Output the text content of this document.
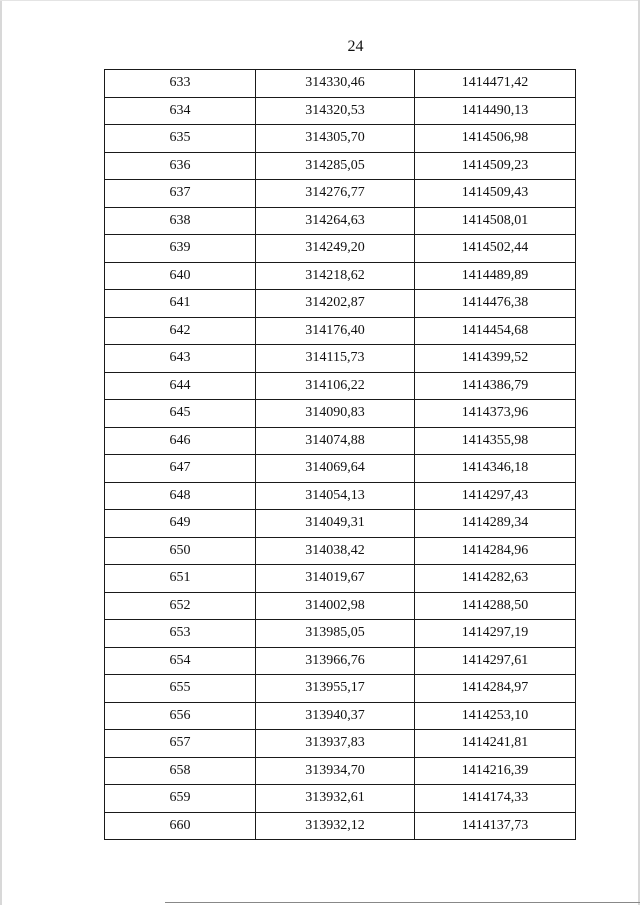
24
633	314330,46	1414471,42
634	314320,53	1414490,13
635	314305,70	1414506,98
636	314285,05	1414509,23
637	314276,77	1414509,43
638	314264,63	1414508,01
639	314249,20	1414502,44
640	314218,62	1414489,89
641	314202,87	1414476,38
642	314176,40	1414454,68
643	314115,73	1414399,52
644	314106,22	1414386,79
645	314090,83	1414373,96
646	314074,88	1414355,98
647	314069,64	1414346,18
648	314054,13	1414297,43
649	314049,31	1414289,34
650	314038,42	1414284,96
651	314019,67	1414282,63
652	314002,98	1414288,50
653	313985,05	1414297,19
654	313966,76	1414297,61
655	313955,17	1414284,97
656	313940,37	1414253,10
657	313937,83	1414241,81
658	313934,70	1414216,39
659	313932,61	1414174,33
660	313932,12	1414137,73
